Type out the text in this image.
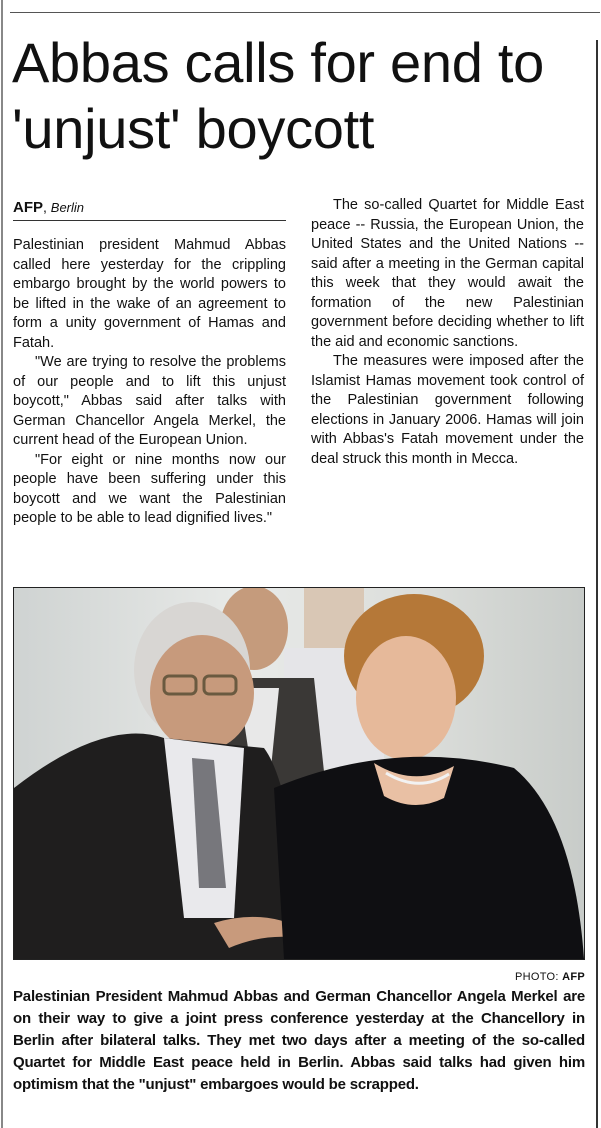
Abbas calls for end to 'unjust' boycott
AFP, Berlin

Palestinian president Mahmud Abbas called here yesterday for the crippling embargo brought by the world powers to be lifted in the wake of an agreement to form a unity government of Hamas and Fatah.

"We are trying to resolve the problems of our people and to lift this unjust boycott," Abbas said after talks with German Chancellor Angela Merkel, the current head of the European Union.

"For eight or nine months now our people have been suffering under this boycott and we want the Palestinian people to be able to lead dignified lives."

The so-called Quartet for Middle East peace -- Russia, the European Union, the United States and the United Nations -- said after a meeting in the German capital this week that they would await the formation of the new Palestinian government before deciding whether to lift the aid and economic sanctions.

The measures were imposed after the Islamist Hamas movement took control of the Palestinian government following elections in January 2006. Hamas will join with Abbas's Fatah movement under the deal struck this month in Mecca.

PHOTO: AFP
Palestinian President Mahmud Abbas and German Chancellor Angela Merkel are on their way to give a joint press conference yesterday at the Chancellory in Berlin after bilateral talks. They met two days after a meeting of the so-called Quartet for Middle East peace held in Berlin. Abbas said talks had given him optimism that the "unjust" embargoes would be scrapped.
